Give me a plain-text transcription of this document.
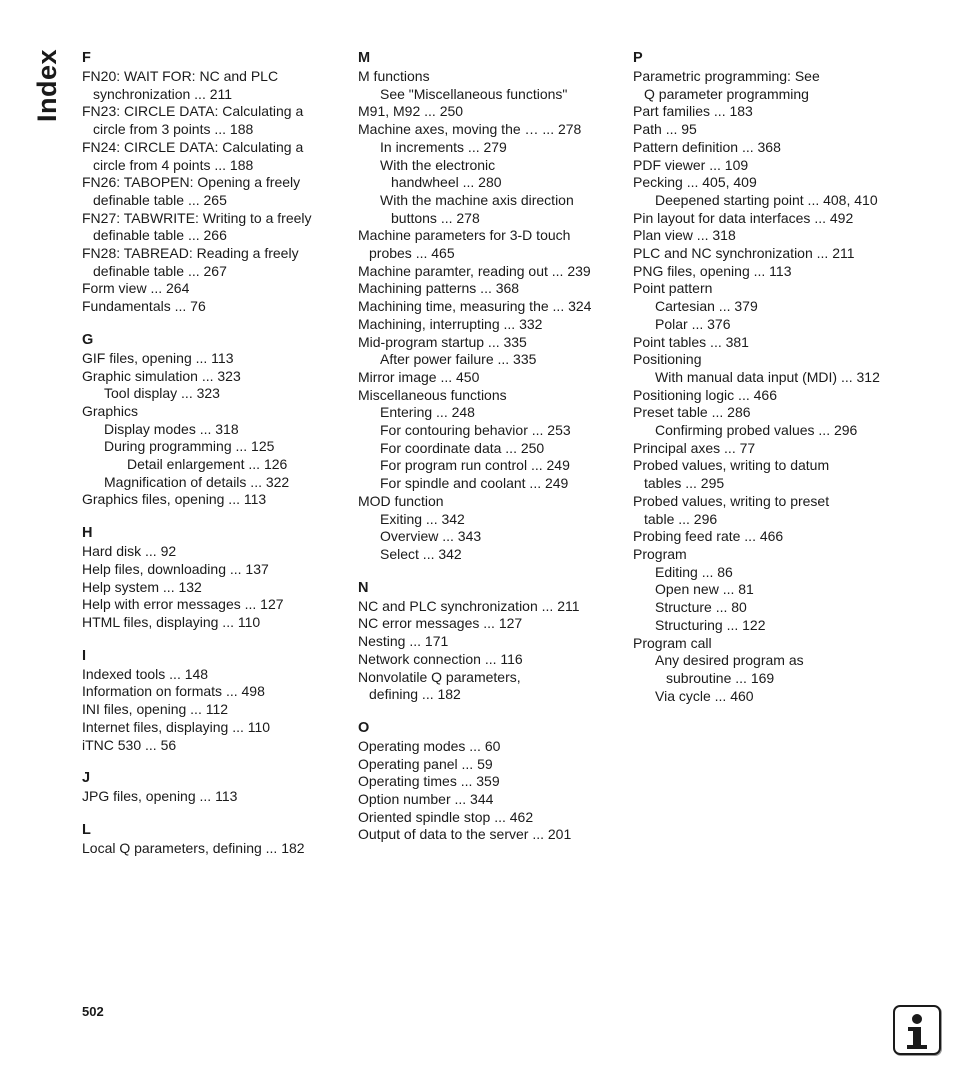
Index F
FN20: WAIT FOR: NC and PLC
synchronization ... 211
FN23: CIRCLE DATA: Calculating a
circle from 3 points ... 188
FN24: CIRCLE DATA: Calculating a
circle from 4 points ... 188
FN26: TABOPEN: Opening a freely
definable table ... 265
FN27: TABWRITE: Writing to a freely
definable table ... 266
FN28: TABREAD: Reading a freely
definable table ... 267
Form view ... 264
Fundamentals ... 76
G
GIF files, opening ... 113
Graphic simulation ... 323
Tool display ... 323
Graphics
Display modes ... 318
During programming ... 125
Detail enlargement ... 126
Magnification of details ... 322
Graphics files, opening ... 113
H
Hard disk ... 92
Help files, downloading ... 137
Help system ... 132
Help with error messages ... 127
HTML files, displaying ... 110
I
Indexed tools ... 148
Information on formats ... 498
INI files, opening ... 112
Internet files, displaying ... 110
iTNC 530 ... 56
J
JPG files, opening ... 113
L
Local Q parameters, defining ... 182
M
M functions
See "Miscellaneous functions"
M91, M92 ... 250
Machine axes, moving the … ... 278
In increments ... 279
With the electronic
handwheel ... 280
With the machine axis direction
buttons ... 278
Machine parameters for 3-D touch
probes ... 465
Machine paramter, reading out ... 239
Machining patterns ... 368
Machining time, measuring the ... 324
Machining, interrupting ... 332
Mid-program startup ... 335
After power failure ... 335
Mirror image ... 450
Miscellaneous functions
Entering ... 248
For contouring behavior ... 253
For coordinate data ... 250
For program run control ... 249
For spindle and coolant ... 249
MOD function
Exiting ... 342
Overview ... 343
Select ... 342
N
NC and PLC synchronization ... 211
NC error messages ... 127
Nesting ... 171
Network connection ... 116
Nonvolatile Q parameters,
defining ... 182
O
Operating modes ... 60
Operating panel ... 59
Operating times ... 359
Option number ... 344
Oriented spindle stop ... 462
Output of data to the server ... 201
P
Parametric programming: See
Q parameter programming
Part families ... 183
Path ... 95
Pattern definition ... 368
PDF viewer ... 109
Pecking ... 405, 409
Deepened starting point ... 408, 410
Pin layout for data interfaces ... 492
Plan view ... 318
PLC and NC synchronization ... 211
PNG files, opening ... 113
Point pattern
Cartesian ... 379
Polar ... 376
Point tables ... 381
Positioning
With manual data input (MDI) ... 312
Positioning logic ... 466
Preset table ... 286
Confirming probed values ... 296
Principal axes ... 77
Probed values, writing to datum
tables ... 295
Probed values, writing to preset
table ... 296
Probing feed rate ... 466
Program
Editing ... 86
Open new ... 81
Structure ... 80
Structuring ... 122
Program call
Any desired program as
subroutine ... 169
Via cycle ... 460
502
